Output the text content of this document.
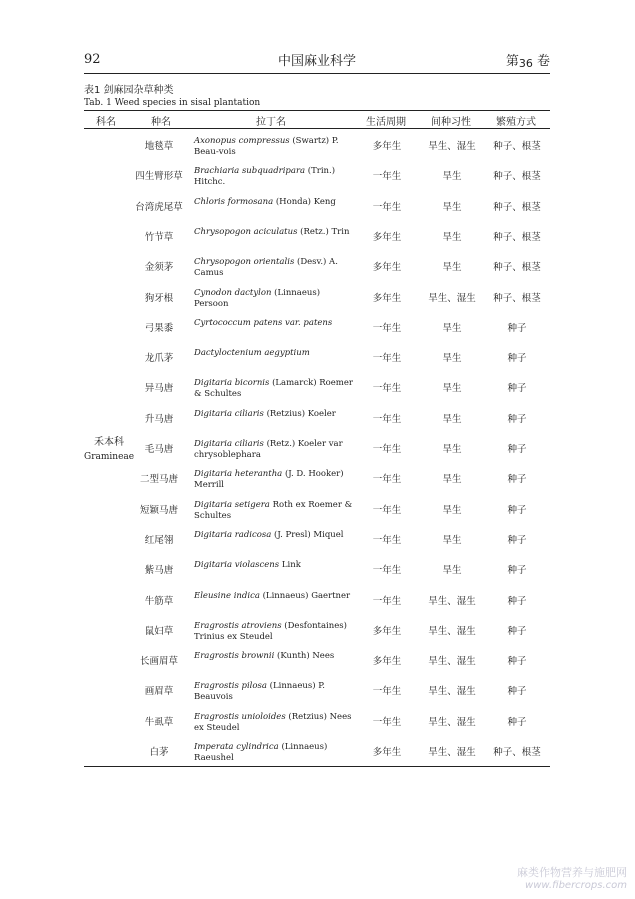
92	中国麻业科学	第36 卷
表1 剑麻园杂草种类
Tab. 1 Weed species in sisal plantation
科名	种名	拉丁名	生活周期	间种习性	繁殖方式
禾本科
Gramineae
地毯草	Axonopus compressus (Swartz) P. Beau-vois	多年生	旱生、湿生	种子、根茎
四生臂形草	Brachiaria subquadripara (Trin.) Hitchc.	一年生	旱生	种子、根茎
台湾虎尾草	Chloris formosana (Honda) Keng	一年生	旱生	种子、根茎
竹节草	Chrysopogon aciculatus (Retz.) Trin	多年生	旱生	种子、根茎
金须茅	Chrysopogon orientalis (Desv.) A. Camus	多年生	旱生	种子、根茎
狗牙根	Cynodon dactylon (Linnaeus) Persoon	多年生	旱生、湿生	种子、根茎
弓果黍	Cyrtococcum patens var. patens	一年生	旱生	种子
龙爪茅	Dactyloctenium aegyptium	一年生	旱生	种子
异马唐	Digitaria bicornis (Lamarck) Roemer & Schultes	一年生	旱生	种子
升马唐	Digitaria ciliaris (Retzius) Koeler	一年生	旱生	种子
毛马唐	Digitaria ciliaris (Retz.) Koeler var chrysoblephara	一年生	旱生	种子
二型马唐	Digitaria heterantha (J. D. Hooker) Merrill	一年生	旱生	种子
短颖马唐	Digitaria setigera Roth ex Roemer & Schultes	一年生	旱生	种子
红尾翎	Digitaria radicosa (J. Presl) Miquel	一年生	旱生	种子
紫马唐	Digitaria violascens Link	一年生	旱生	种子
牛筋草	Eleusine indica (Linnaeus) Gaertner	一年生	旱生、湿生	种子
鼠妇草	Eragrostis atroviens (Desfontaines) Trinius ex Steudel	多年生	旱生、湿生	种子
长画眉草	Eragrostis brownii (Kunth) Nees	多年生	旱生、湿生	种子
画眉草	Eragrostis pilosa (Linnaeus) P. Beauvois	一年生	旱生、湿生	种子
牛虱草	Eragrostis unioloides (Retzius) Nees ex Steudel	一年生	旱生、湿生	种子
白茅	Imperata cylindrica (Linnaeus) Raeushel	多年生	旱生、湿生	种子、根茎
麻类作物营养与施肥网
www.fibercrops.com
